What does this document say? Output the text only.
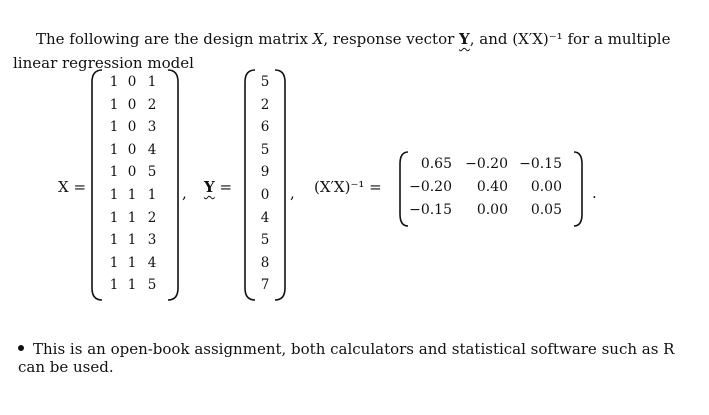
The following are the design matrix X, response vector Y, and (X′X)⁻¹ for a multiple linear regression model

X =
1 0 1
1 0 2
1 0 3
1 0 4
1 0 5
1 1 1
1 1 2
1 1 3
1 1 4
1 1 5
, Y =
5
2
6
5
9
0
4
5
8
7
, (X′X)⁻¹ =
0.65 −0.20 −0.15
−0.20	0.40	0.00
−0.15	0.00	0.05
.
This is an open-book assignment, both calculators and statistical software such as R can be used.
